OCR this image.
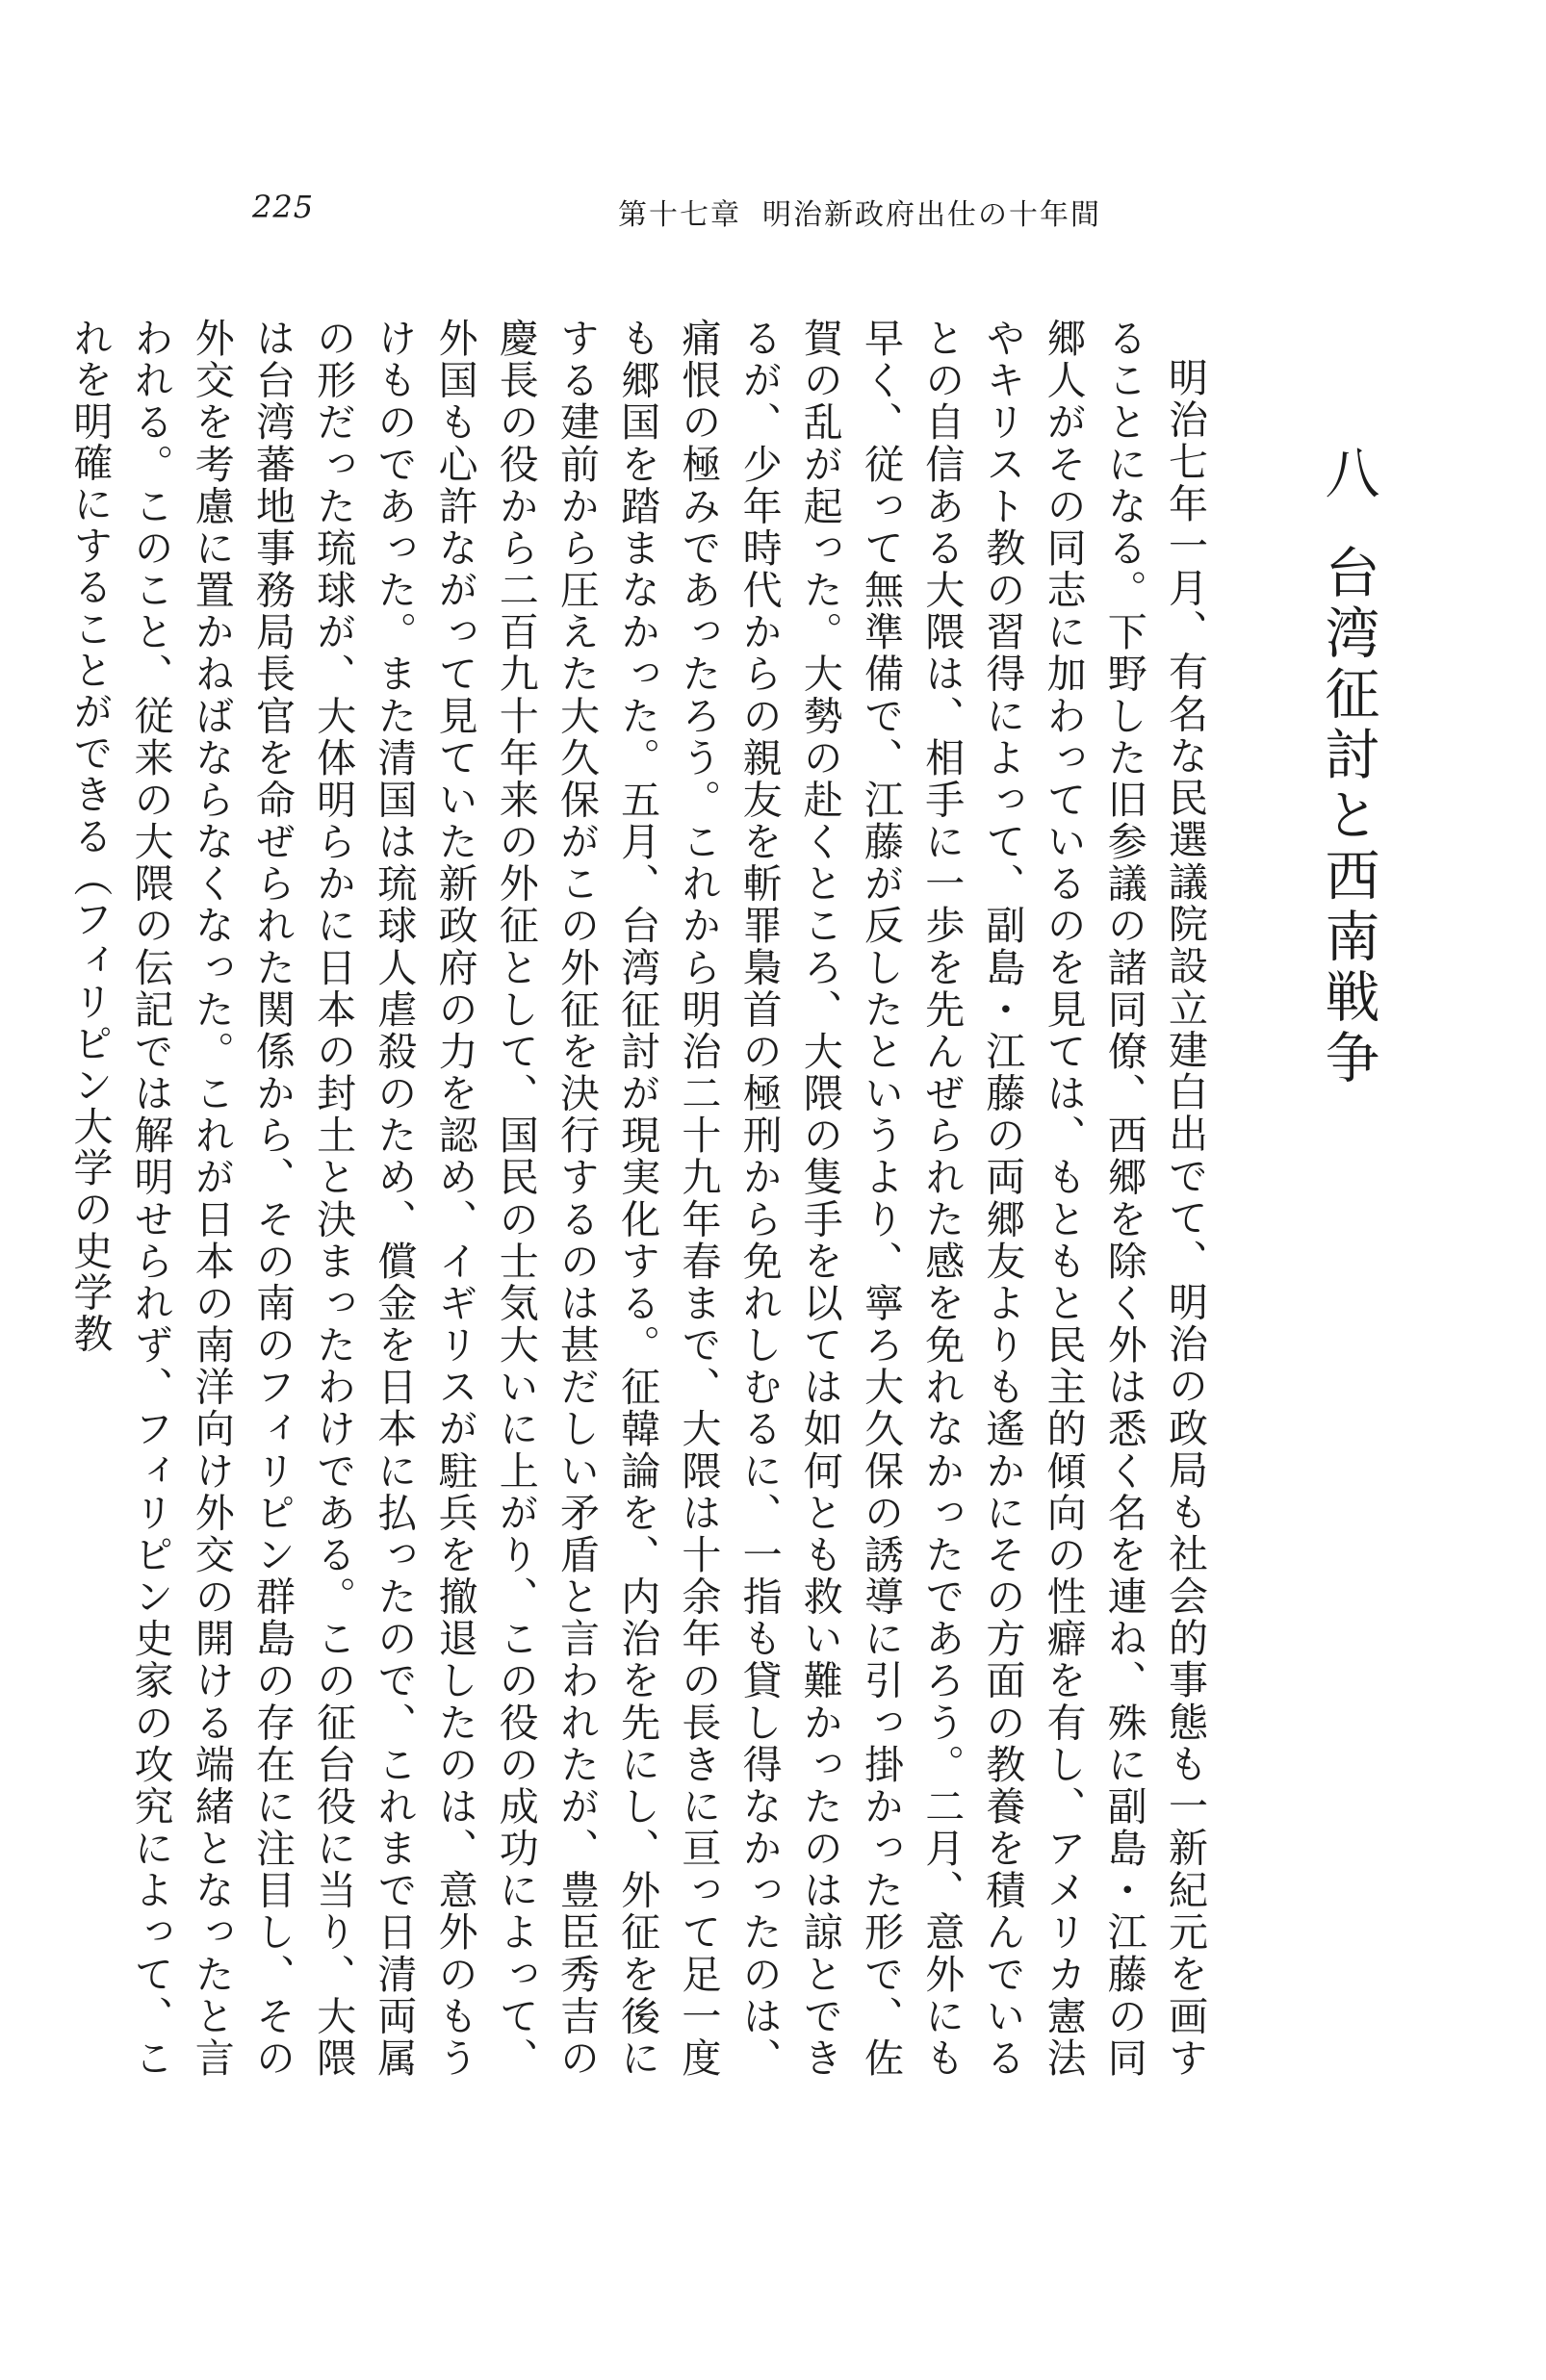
225	第十七章 明治新政府出仕の十年間
八台湾征討と西南戦争

明治七年一月、有名な民選議院設立建白出でて、明治の政局も社会的事態も一新紀元を画することになる。下野した旧参議の諸同僚、西郷を除く外は悉く名を連ね、殊に副島・江藤の同郷人がその同志に加わっているのを見ては、もともと民主的傾向の性癖を有し、アメリカ憲法やキリスト教の習得によって、副島・江藤の両郷友よりも遙かにその方面の教養を積んでいるとの自信ある大隈は、相手に一歩を先んぜられた感を免れなかったであろう。二月、意外にも早く、従って無準備で、江藤が反したというより、寧ろ大久保の誘導に引っ掛かった形で、佐賀の乱が起った。大勢の赴くところ、大隈の隻手を以ては如何とも救い難かったのは諒とできるが、少年時代からの親友を斬罪梟首の極刑から免れしむるに、一指も貸し得なかったのは、痛恨の極みであったろう。これから明治二十九年春まで、大隈は十余年の長きに亘って足一度も郷国を踏まなかった。五月、台湾征討が現実化する。征韓論を、内治を先にし、外征を後にする建前から圧えた大久保がこの外征を決行するのは甚だしい矛盾と言われたが、豊臣秀吉の慶長の役から二百九十年来の外征として、国民の士気大いに上がり、この役の成功によって、外国も心許ながって見ていた新政府の力を認め、イギリスが駐兵を撤退したのは、意外のもうけものであった。また清国は琉球人虐殺のため、償金を日本に払ったので、これまで日清両属の形だった琉球が、大体明らかに日本の封土と決まったわけである。この征台役に当り、大隈は台湾蕃地事務局長官を命ぜられた関係から、その南のフィリピン群島の存在に注目し、その外交を考慮に置かねばならなくなった。これが日本の南洋向け外交の開ける端緒となったと言われる。このこと、従来の大隈の伝記では解明せられず、フィリピン史家の攻究によって、これを明確にすることができる（フィリピン大学の史学教
